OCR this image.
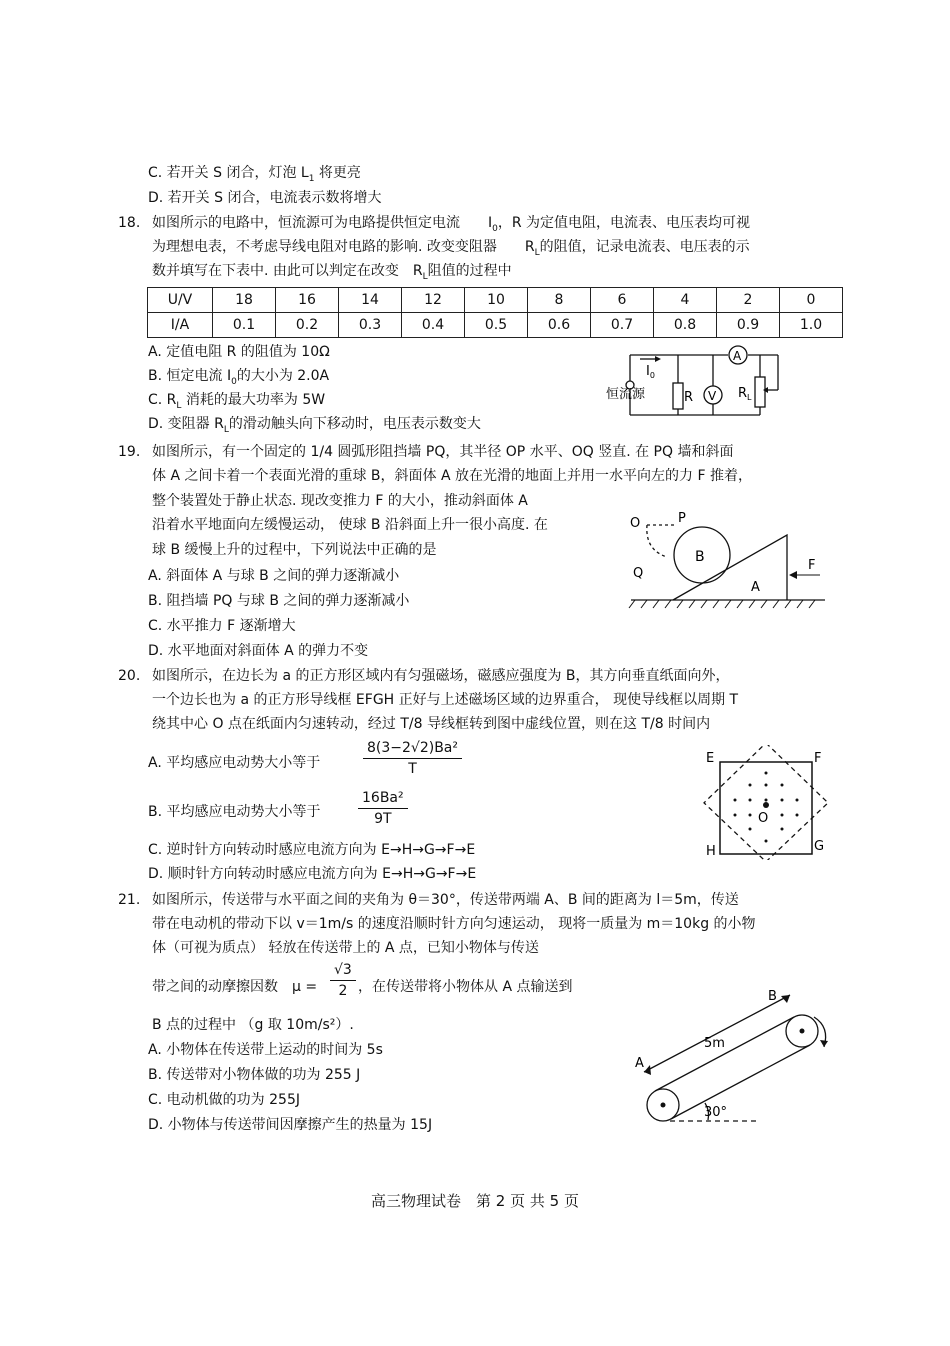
C. 若开关 S 闭合，灯泡 $L_1$ 将更亮
D. 若开关 S 闭合，电流表示数将增大
18. 如图所示的电路中，恒流源可为电路提供恒定电流　　 $I_0$，R 为定值电阻，电流表、电压表均可视
为理想电表，不考虑导线电阻对电路的影响. 改变变阻器　　 $R_L$的阻值，记录电流表、电压表的示
数并填写在下表中. 由此可以判定在改变　 $R_L$阻值的过程中
U/V	18	16	14	12	10	8	6	4	2	0
I/A	0.1	0.2	0.3	0.4	0.5	0.6	0.7	0.8	0.9	1.0
A. 定值电阻 R 的阻值为 10Ω
B. 恒定电流 $I_0$的大小为 2.0A
C. $R_L$ 消耗的最大功率为 5W
D. 变阻器 $R_L$的滑动触头向下移动时，电压表示数变大
恒流源
$I_0$
R V
A
$R_L$
19. 如图所示，有一个固定的 1/4 圆弧形阻挡墙 PQ，其半径 OP 水平、OQ 竖直. 在 PQ 墙和斜面
体 A 之间卡着一个表面光滑的重球 B，斜面体 A 放在光滑的地面上并用一水平向左的力 F 推着，
整个装置处于静止状态. 现改变推力 F 的大小，推动斜面体 A
沿着水平地面向左缓慢运动， 使球 B 沿斜面上升一很小高度. 在
球 B 缓慢上升的过程中，下列说法中正确的是
A. 斜面体 A 与球 B 之间的弹力逐渐减小
B. 阻挡墙 PQ 与球 B 之间的弹力逐渐减小
C. 水平推力 F 逐渐增大
D. 水平地面对斜面体 A 的弹力不变
O	P
Q
B
A
F
20. 如图所示，在边长为 a 的正方形区域内有匀强磁场，磁感应强度为 B，其方向垂直纸面向外，
一个边长也为 a 的正方形导线框 EFGH 正好与上述磁场区域的边界重合， 现使导线框以周期 T
绕其中心 O 点在纸面内匀速转动，经过 T/8 导线框转到图中虚线位置，则在这 T/8 时间内
A. 平均感应电动势大小等于	$\frac{\text{8(3−2√2)Ba²}}{T}$
B. 平均感应电动势大小等于	$\frac{\text{16Ba²}}{9T}$
C. 逆时针方向转动时感应电流方向为 E→H→G→F→E
D. 顺时针方向转动时感应电流方向为 E→H→G→F→E
E	F
G
H
O
21. 如图所示，传送带与水平面之间的夹角为 θ＝30°，传送带两端 A、B 间的距离为 l＝5m，传送
带在电动机的带动下以 v＝1m/s 的速度沿顺时针方向匀速运动， 现将一质量为 m＝10kg 的小物
体（可视为质点） 轻放在传送带上的 A 点，已知小物体与传送
带之间的动摩擦因数　 $\mu = \frac{√3}{2}$ ，在传送带将小物体从 A 点输送到
B 点的过程中 （g 取 10m/s²）.
A. 小物体在传送带上运动的时间为 5s
B. 传送带对小物体做的功为 255 J
C. 电动机做的功为 255J
D. 小物体与传送带间因摩擦产生的热量为 15J
A
B
5m
30°
高三物理试卷　第 2 页 共 5 页
